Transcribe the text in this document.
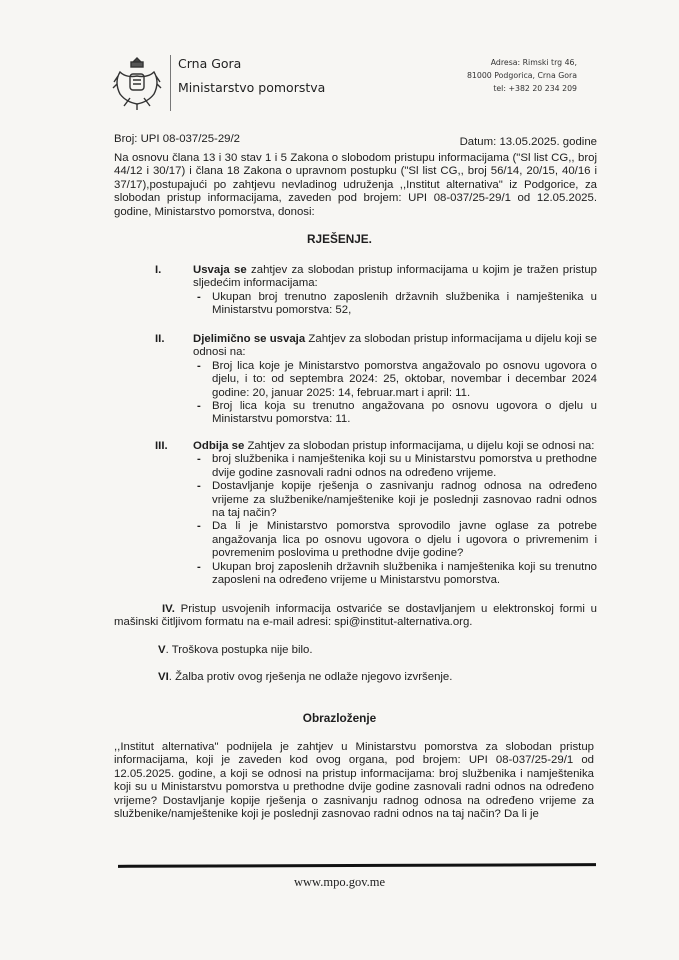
Crna Gora
Ministarstvo pomorstva
Adresa: Rimski trg 46,
81000 Podgorica, Crna Gora
tel: +382 20 234 209
Broj: UPI 08-037/25-29/2	Datum: 13.05.2025. godine
Na osnovu člana 13 i 30 stav 1 i 5 Zakona o slobodom pristupu informacijama ("Sl list CG,, broj 44/12 i 30/17) i člana 18 Zakona o upravnom postupku ("Sl list CG,, broj 56/14, 20/15, 40/16 i 37/17),postupajući po zahtjevu nevladinog udruženja ,,Institut alternativa" iz Podgorice, za slobodan pristup informacijama, zaveden pod brojem: UPI 08-037/25-29/1 od 12.05.2025. godine, Ministarstvo pomorstva, donosi:
RJEŠENJE.
I.	Usvaja se zahtjev za slobodan pristup informacijama u kojim je tražen pristup sljedećim informacijama:
- Ukupan broj trenutno zaposlenih državnih službenika i namještenika u Ministarstvu pomorstva: 52,
II.	Djelimično se usvaja Zahtjev za slobodan pristup informacijama u dijelu koji se odnosi na:
- Broj lica koje je Ministarstvo pomorstva angažovalo po osnovu ugovora o djelu, i to: od septembra 2024: 25, oktobar, novembar i decembar 2024 godine: 20, januar 2025: 14, februar.mart i april: 11.
- Broj lica koja su trenutno angažovana po osnovu ugovora o djelu u Ministarstvu pomorstva: 11.
III. Odbija se Zahtjev za slobodan pristup informacijama, u dijelu koji se odnosi na:
- broj službenika i namještenika koji su u Ministarstvu pomorstva u prethodne dvije godine zasnovali radni odnos na određeno vrijeme.
- Dostavljanje kopije rješenja o zasnivanju radnog odnosa na određeno vrijeme za službenike/namještenike koji je poslednji zasnovao radni odnos na taj način?
- Da li je Ministarstvo pomorstva sprovodilo javne oglase za potrebe angažovanja lica po osnovu ugovora o djelu i ugovora o privremenim i povremenim poslovima u prethodne dvije godine?
- Ukupan broj zaposlenih državnih službenika i namještenika koji su trenutno zaposleni na određeno vrijeme u Ministarstvu pomorstva.
IV. Pristup usvojenih informacija ostvariće se dostavljanjem u elektronskoj formi u mašinski čitljivom formatu na e-mail adresi: spi@institut-alternativa.org.
V. Troškova postupka nije bilo.
VI. Žalba protiv ovog rješenja ne odlaže njegovo izvršenje.
Obrazloženje
,,Institut alternativa" podnijela je zahtjev u Ministarstvu pomorstva za slobodan pristup informacijama, koji je zaveden kod ovog organa, pod brojem: UPI 08-037/25-29/1 od 12.05.2025. godine, a koji se odnosi na pristup informacijama: broj službenika i namještenika koji su u Ministarstvu pomorstva u prethodne dvije godine zasnovali radni odnos na određeno vrijeme? Dostavljanje kopije rješenja o zasnivanju radnog odnosa na određeno vrijeme za službenike/namještenike koji je poslednji zasnovao radni odnos na taj način? Da li je
www.mpo.gov.me
